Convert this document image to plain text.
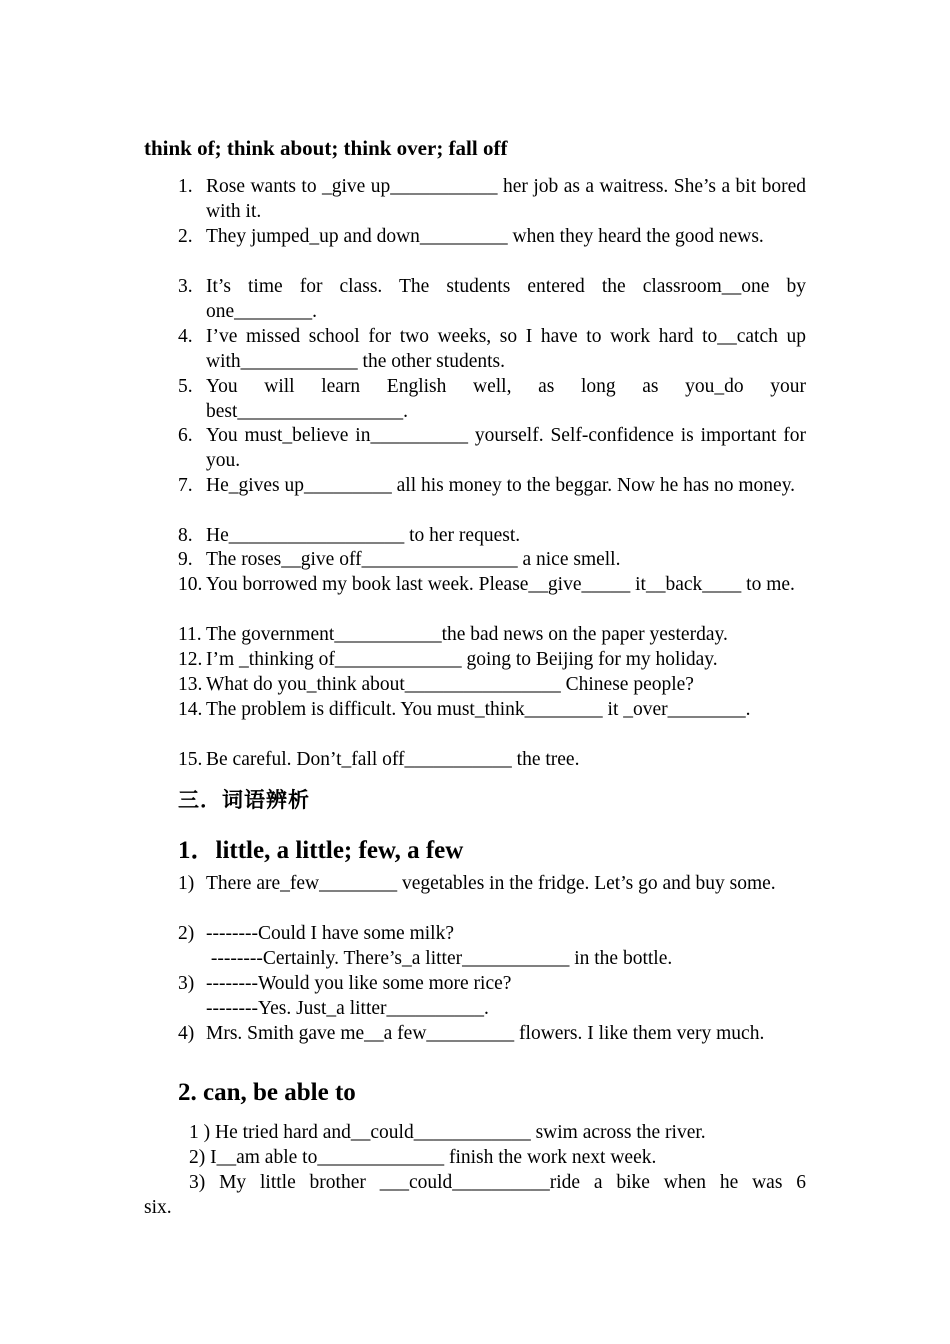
think of; think about; think over; fall off
1. Rose wants to _give up___________ her job as a waitress. She’s a bit bored with it.
2. They jumped_up and down_________ when they heard the good news.
3. It’s time for class. The students entered the classroom__one by one________.
4. I’ve missed school for two weeks, so I have to work hard to__catch up with____________ the other students.
5. You will learn English well, as long as you_do your best_________________.
6. You must_believe in__________ yourself. Self-confidence is important for you.
7. He_gives up_________ all his money to the beggar. Now he has no money.
8. He__________________ to her request.
9. The roses__give off________________ a nice smell.
10. You borrowed my book last week. Please__give_____ it__back____ to me.
11. The government___________the bad news on the paper yesterday.
12. I’m _thinking of_____________ going to Beijing for my holiday.
13. What do you_think about________________ Chinese people?
14. The problem is difficult. You must_think________ it _over________.
15. Be careful. Don’t_fall off___________ the tree.
三．词语辨析
1．little, a little; few, a few
1) There are_few________ vegetables in the fridge. Let’s go and buy some.
2) --------Could I have some milk?
--------Certainly. There’s_a litter___________ in the bottle.
3) --------Would you like some more rice?
--------Yes. Just_a litter__________.
4) Mrs. Smith gave me__a few_________ flowers. I like them very much.
2. can, be able to
1 ) He tried hard and__could____________ swim across the river.
2) I__am able to_____________ finish the work next week.
3) My little brother ___could__________ride a bike when he was 6
six.
